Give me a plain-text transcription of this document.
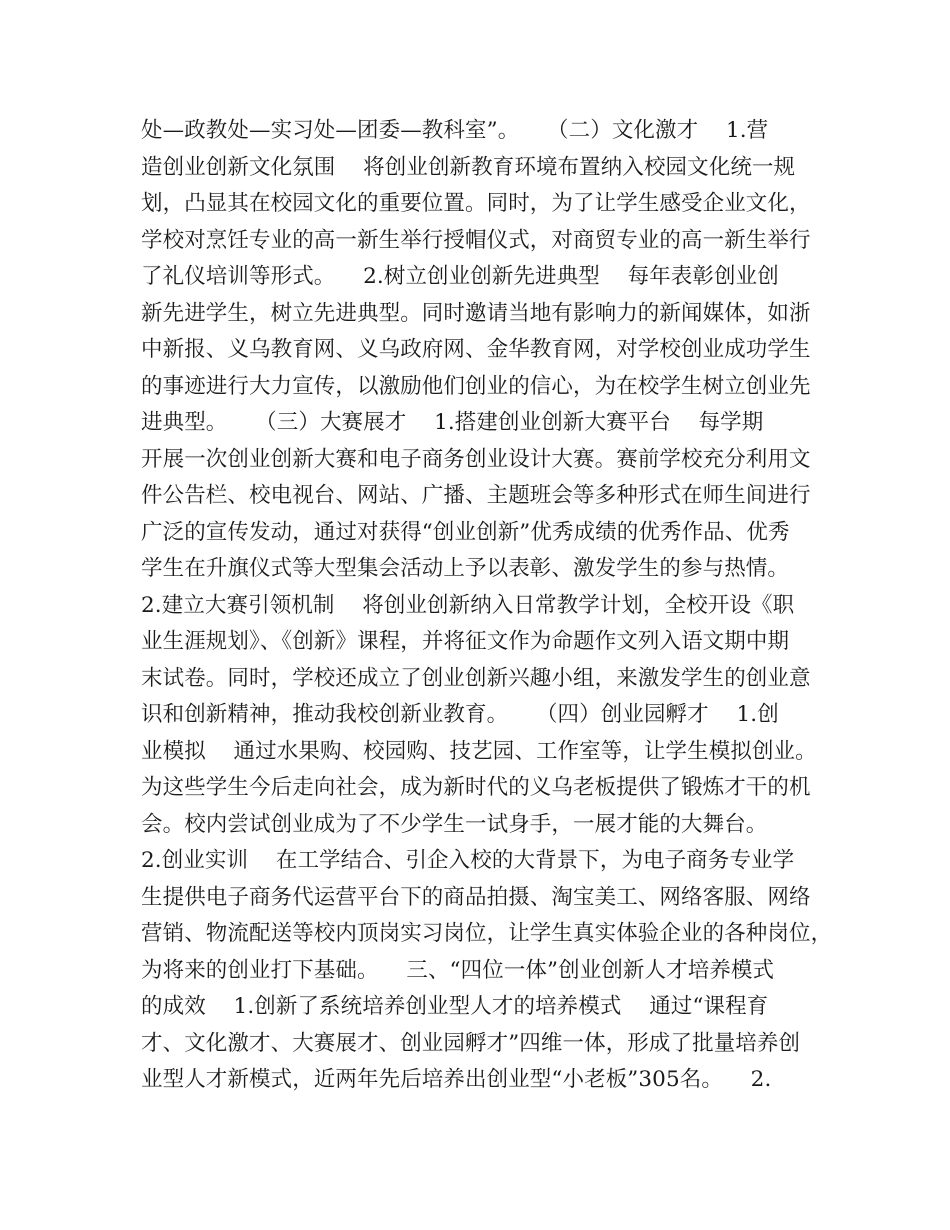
处—政教处—实习处—团委—教科室”。    （二）文化激才    1.营
造创业创新文化氛围    将创业创新教育环境布置纳入校园文化统一规
划，凸显其在校园文化的重要位置。同时，为了让学生感受企业文化，
学校对烹饪专业的高一新生举行授帽仪式，对商贸专业的高一新生举行
了礼仪培训等形式。    2.树立创业创新先进典型    每年表彰创业创
新先进学生，树立先进典型。同时邀请当地有影响力的新闻媒体，如浙
中新报、义乌教育网、义乌政府网、金华教育网，对学校创业成功学生
的事迹进行大力宣传，以激励他们创业的信心，为在校学生树立创业先
进典型。    （三）大赛展才    1.搭建创业创新大赛平台    每学期
开展一次创业创新大赛和电子商务创业设计大赛。赛前学校充分利用文
件公告栏、校电视台、网站、广播、主题班会等多种形式在师生间进行
广泛的宣传发动，通过对获得“创业创新”优秀成绩的优秀作品、优秀
学生在升旗仪式等大型集会活动上予以表彰、激发学生的参与热情。
2.建立大赛引领机制    将创业创新纳入日常教学计划，全校开设《职
业生涯规划》、《创新》课程，并将征文作为命题作文列入语文期中期
末试卷。同时，学校还成立了创业创新兴趣小组，来激发学生的创业意
识和创新精神，推动我校创新业教育。    （四）创业园孵才    1.创
业模拟    通过水果购、校园购、技艺园、工作室等，让学生模拟创业。
为这些学生今后走向社会，成为新时代的义乌老板提供了锻炼才干的机
会。校内尝试创业成为了不少学生一试身手，一展才能的大舞台。
2.创业实训    在工学结合、引企入校的大背景下，为电子商务专业学
生提供电子商务代运营平台下的商品拍摄、淘宝美工、网络客服、网络
营销、物流配送等校内顶岗实习岗位，让学生真实体验企业的各种岗位，
为将来的创业打下基础。    三、“四位一体”创业创新人才培养模式
的成效    1.创新了系统培养创业型人才的培养模式    通过“课程育
才、文化激才、大赛展才、创业园孵才”四维一体，形成了批量培养创
业型人才新模式，近两年先后培养出创业型“小老板”305名。    2.
